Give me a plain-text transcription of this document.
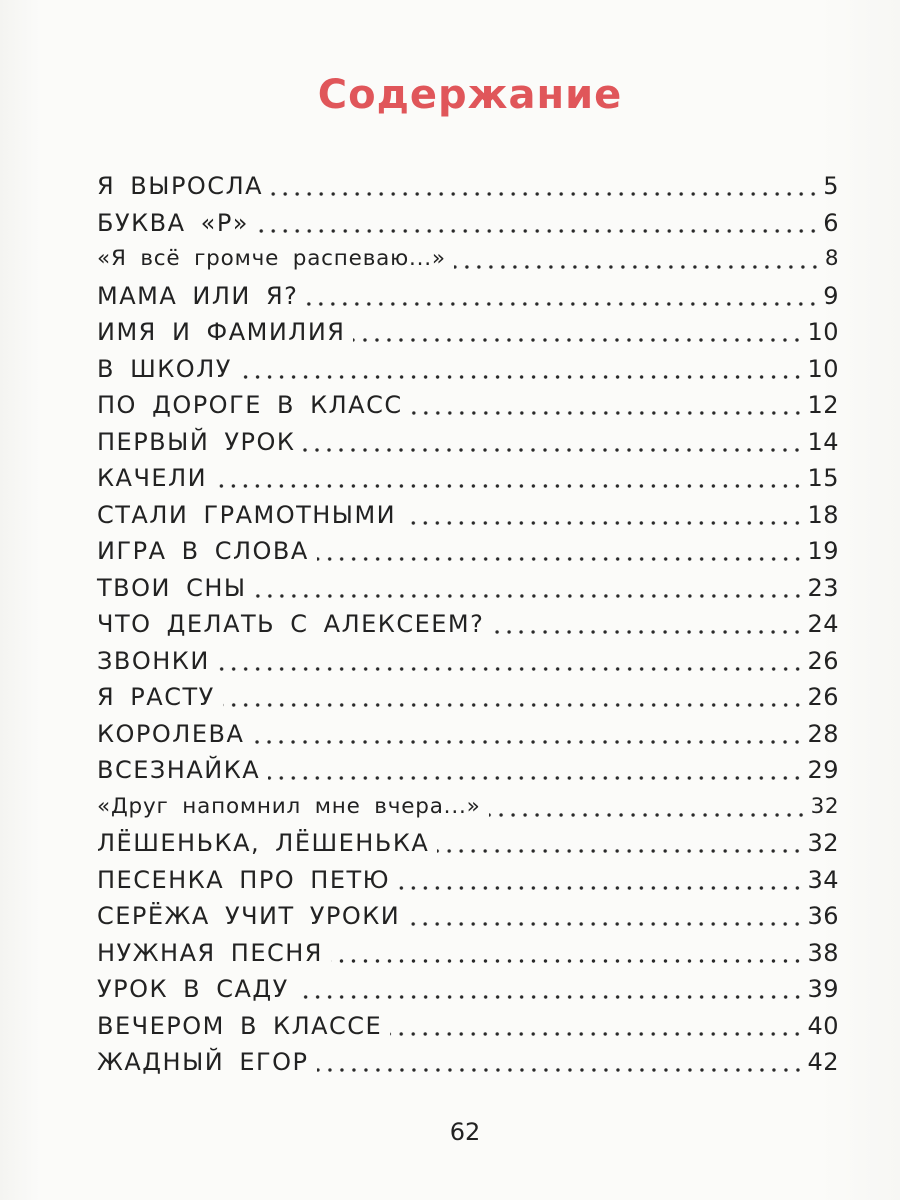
Содержание
Я ВЫРОСЛА	5
БУКВА «Р»	6
«Я всё громче распеваю...»	8
МАМА ИЛИ Я?	9
ИМЯ И ФАМИЛИЯ	10
В ШКОЛУ	10
ПО ДОРОГЕ В КЛАСС	12
ПЕРВЫЙ УРОК	14
КАЧЕЛИ	15
СТАЛИ ГРАМОТНЫМИ	18
ИГРА В СЛОВА	19
ТВОИ СНЫ	23
ЧТО ДЕЛАТЬ С АЛЕКСЕЕМ?	24
ЗВОНКИ	26
Я РАСТУ	26
КОРОЛЕВА	28
ВСЕЗНАЙКА	29
«Друг напомнил мне вчера...»	32
ЛЁШЕНЬКА, ЛЁШЕНЬКА	32
ПЕСЕНКА ПРО ПЕТЮ	34
СЕРЁЖА УЧИТ УРОКИ	36
НУЖНАЯ ПЕСНЯ	38
УРОК В САДУ	39
ВЕЧЕРОМ В КЛАССЕ	40
ЖАДНЫЙ ЕГОР	42
62
